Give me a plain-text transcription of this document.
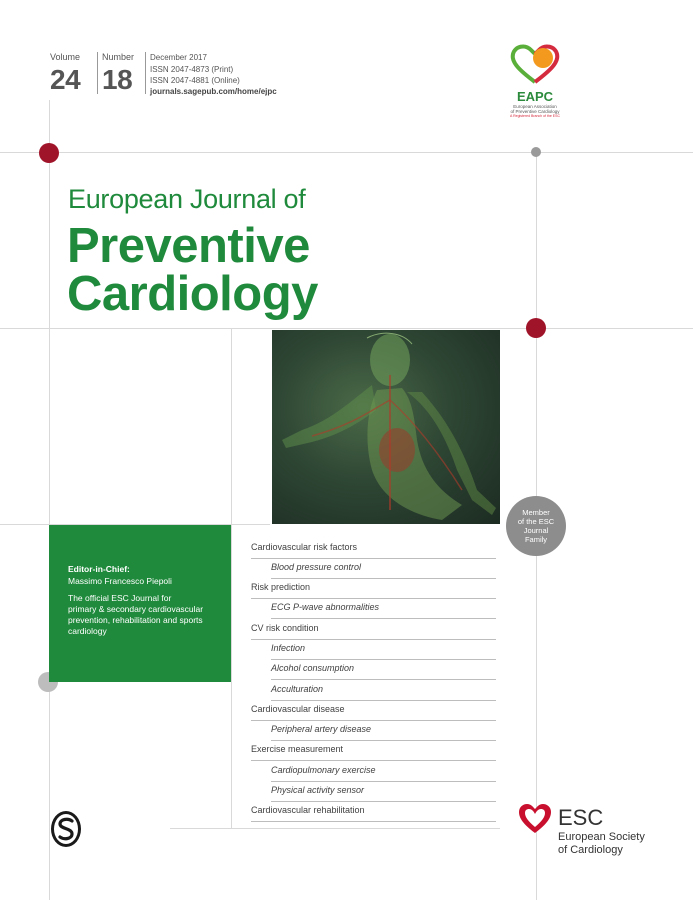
Volume
24
Number
18
December 2017
ISSN 2047-4873 (Print)
ISSN 2047-4881 (Online)
journals.sagepub.com/home/ejpc	EAPC
European Association
of Preventive Cardiology
A Registered Branch of the ESC
European Journal of
Preventive
Cardiology
Member
of the ESC
Journal
Family
Editor-in-Chief:
Massimo Francesco Piepoli
The official ESC Journal for
primary & secondary cardiovascular
prevention, rehabilitation and sports
cardiology
Cardiovascular risk factors
Blood pressure control
Risk prediction
ECG P-wave abnormalities
CV risk condition
Infection
Alcohol consumption
Acculturation
Cardiovascular disease
Peripheral artery disease
Exercise measurement
Cardiopulmonary exercise
Physical activity sensor
Cardiovascular rehabilitation	ESC
European Society
of Cardiology
